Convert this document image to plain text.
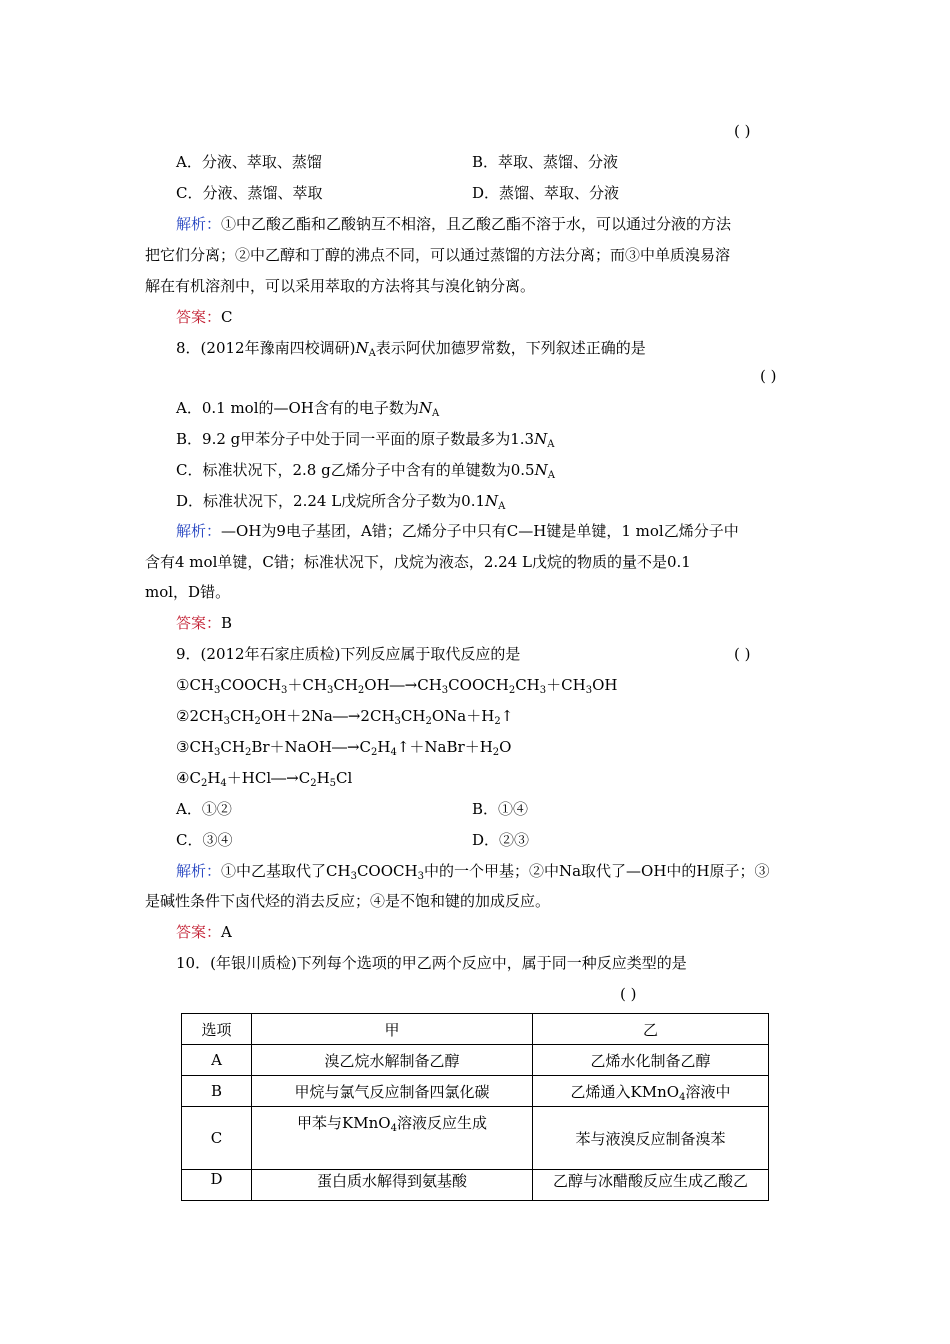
( )
A．分液、萃取、蒸馏	B．萃取、蒸馏、分液
C．分液、蒸馏、萃取	D．蒸馏、萃取、分液
解析：①中乙酸乙酯和乙酸钠互不相溶，且乙酸乙酯不溶于水，可以通过分液的方法
把它们分离；②中乙醇和丁醇的沸点不同，可以通过蒸馏的方法分离；而③中单质溴易溶
解在有机溶剂中，可以采用萃取的方法将其与溴化钠分离。
答案：C
8．(2012年豫南四校调研)$N_A$表示阿伏加德罗常数，下列叙述正确的是
( )
A．0.1 mol的—OH含有的电子数为$N_A$
B．9.2 g甲苯分子中处于同一平面的原子数最多为$1.3N_A$
C．标准状况下，2.8 g乙烯分子中含有的单键数为$0.5N_A$
D．标准状况下，2.24 L戊烷所含分子数为$0.1N_A$
解析：—OH为9电子基团，A错；乙烯分子中只有C—H键是单键，1 mol乙烯分子中
含有4 mol单键，C错；标准状况下，戊烷为液态，2.24 L戊烷的物质的量不是0.1
mol，D错。
答案：B
9．(2012年石家庄质检)下列反应属于取代反应的是	( )
$①CH_3COOCH_3+CH_3CH_2OH―\to CH_3COOCH_2CH_3+CH_3OH$
$②2CH_3CH_2OH+2Na―\to 2CH_3CH_2ONa+H_2↑$
$③CH_3CH_2Br+NaOH―\to C_2H_4↑+NaBr+H_2O$
$④C_2H_4+HCl―\to C_2H_5Cl$
A．①②	B．①④
C．③④	D．②③
解析：①中乙基取代了$CH_3COOCH_3$中的一个甲基；②中Na取代了—OH中的H原子；③
是碱性条件下卤代烃的消去反应；④是不饱和键的加成反应。
答案：A
10．(年银川质检)下列每个选项的甲乙两个反应中，属于同一种反应类型的是
( )
选项	甲	乙
A	溴乙烷水解制备乙醇	乙烯水化制备乙醇
B	甲烷与氯气反应制备四氯化碳	乙烯通入KMnO$_4$溶液中
C	甲苯与KMnO$_4$溶液反应生成	苯与液溴反应制备溴苯
D	蛋白质水解得到氨基酸	乙醇与冰醋酸反应生成乙酸乙
